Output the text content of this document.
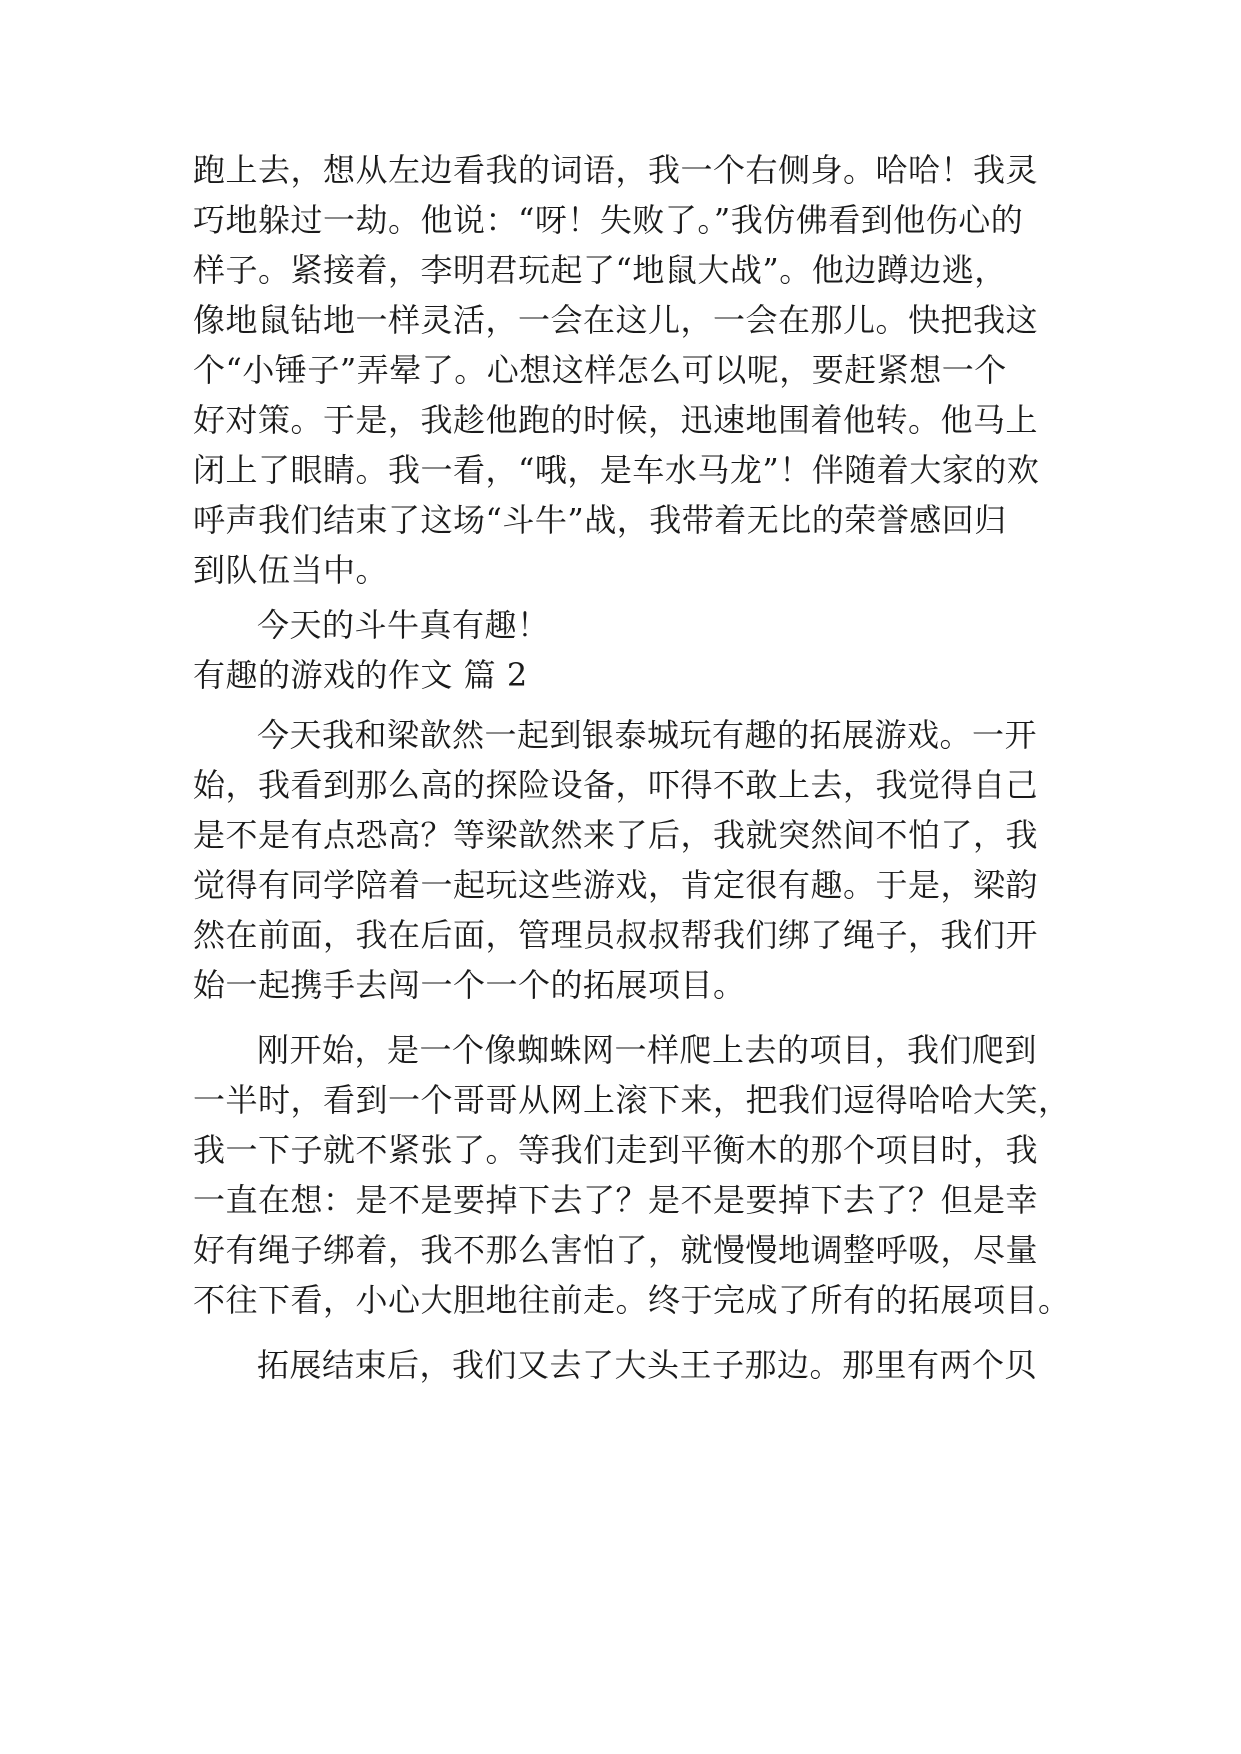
跑上去，想从左边看我的词语，我一个右侧身。哈哈！我灵
巧地躲过一劫。他说：“呀！失败了。”我仿佛看到他伤心的
样子。紧接着，李明君玩起了“地鼠大战”。他边蹲边逃，
像地鼠钻地一样灵活，一会在这儿，一会在那儿。快把我这
个“小锤子”弄晕了。心想这样怎么可以呢，要赶紧想一个
好对策。于是，我趁他跑的时候，迅速地围着他转。他马上
闭上了眼睛。我一看，“哦，是车水马龙”！伴随着大家的欢
呼声我们结束了这场“斗牛”战，我带着无比的荣誉感回归
到队伍当中。
今天的斗牛真有趣！
有趣的游戏的作文 篇 2
今天我和梁歆然一起到银泰城玩有趣的拓展游戏。一开
始，我看到那么高的探险设备，吓得不敢上去，我觉得自己
是不是有点恐高？等梁歆然来了后，我就突然间不怕了，我
觉得有同学陪着一起玩这些游戏，肯定很有趣。于是，梁韵
然在前面，我在后面，管理员叔叔帮我们绑了绳子，我们开
始一起携手去闯一个一个的拓展项目。
刚开始，是一个像蜘蛛网一样爬上去的项目，我们爬到
一半时，看到一个哥哥从网上滚下来，把我们逗得哈哈大笑，
我一下子就不紧张了。等我们走到平衡木的那个项目时，我
一直在想：是不是要掉下去了？是不是要掉下去了？但是幸
好有绳子绑着，我不那么害怕了，就慢慢地调整呼吸，尽量
不往下看，小心大胆地往前走。终于完成了所有的拓展项目。
拓展结束后，我们又去了大头王子那边。那里有两个贝
